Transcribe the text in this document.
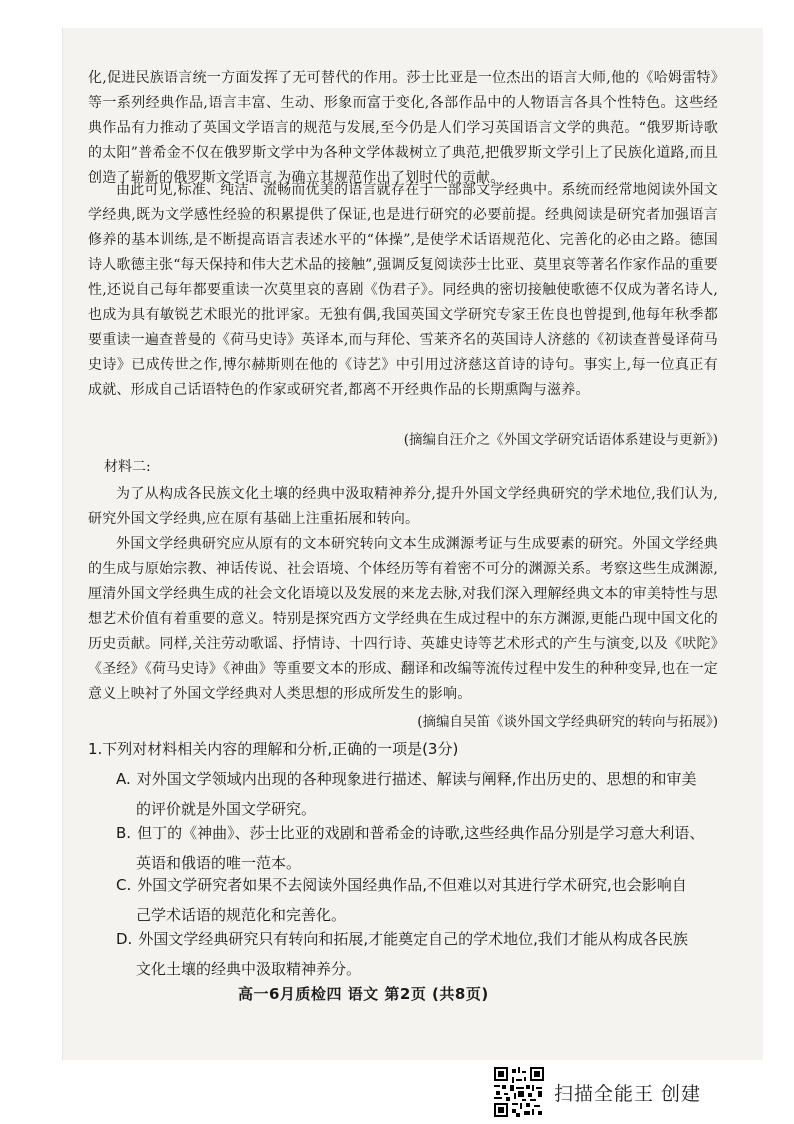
化,促进民族语言统一方面发挥了无可替代的作用。莎士比亚是一位杰出的语言大师,他的《哈姆雷特》等一系列经典作品,语言丰富、生动、形象而富于变化,各部作品中的人物语言各具个性特色。这些经典作品有力推动了英国文学语言的规范与发展,至今仍是人们学习英国语言文学的典范。“俄罗斯诗歌的太阳”普希金不仅在俄罗斯文学中为各种文学体裁树立了典范,把俄罗斯文学引上了民族化道路,而且创造了崭新的俄罗斯文学语言,为确立其规范作出了划时代的贡献。
由此可见,标准、纯洁、流畅而优美的语言就存在于一部部文学经典中。系统而经常地阅读外国文学经典,既为文学感性经验的积累提供了保证,也是进行研究的必要前提。经典阅读是研究者加强语言修养的基本训练,是不断提高语言表述水平的“体操”,是使学术话语规范化、完善化的必由之路。德国诗人歌德主张“每天保持和伟大艺术品的接触”,强调反复阅读莎士比亚、莫里哀等著名作家作品的重要性,还说自己每年都要重读一次莫里哀的喜剧《伪君子》。同经典的密切接触使歌德不仅成为著名诗人,也成为具有敏锐艺术眼光的批评家。无独有偶,我国英国文学研究专家王佐良也曾提到,他每年秋季都要重读一遍查普曼的《荷马史诗》英译本,而与拜伦、雪莱齐名的英国诗人济慈的《初读查普曼译荷马史诗》已成传世之作,博尔赫斯则在他的《诗艺》中引用过济慈这首诗的诗句。事实上,每一位真正有成就、形成自己话语特色的作家或研究者,都离不开经典作品的长期熏陶与滋养。
(摘编自汪介之《外国文学研究话语体系建设与更新》)
材料二:
为了从构成各民族文化土壤的经典中汲取精神养分,提升外国文学经典研究的学术地位,我们认为,研究外国文学经典,应在原有基础上注重拓展和转向。
外国文学经典研究应从原有的文本研究转向文本生成渊源考证与生成要素的研究。外国文学经典的生成与原始宗教、神话传说、社会语境、个体经历等有着密不可分的渊源关系。考察这些生成渊源,厘清外国文学经典生成的社会文化语境以及发展的来龙去脉,对我们深入理解经典文本的审美特性与思想艺术价值有着重要的意义。特别是探究西方文学经典在生成过程中的东方渊源,更能凸现中国文化的历史贡献。同样,关注劳动歌谣、抒情诗、十四行诗、英雄史诗等艺术形式的产生与演变,以及《吠陀》《圣经》《荷马史诗》《神曲》等重要文本的形成、翻译和改编等流传过程中发生的种种变异,也在一定意义上映衬了外国文学经典对人类思想的形成所发生的影响。
(摘编自吴笛《谈外国文学经典研究的转向与拓展》)
1.下列对材料相关内容的理解和分析,正确的一项是(3分)
A. 对外国文学领域内出现的各种现象进行描述、解读与阐释,作出历史的、思想的和审美
的评价就是外国文学研究。
B. 但丁的《神曲》、莎士比亚的戏剧和普希金的诗歌,这些经典作品分别是学习意大利语、
英语和俄语的唯一范本。
C. 外国文学研究者如果不去阅读外国经典作品,不但难以对其进行学术研究,也会影响自
己学术话语的规范化和完善化。
D. 外国文学经典研究只有转向和拓展,才能奠定自己的学术地位,我们才能从构成各民族
文化土壤的经典中汲取精神养分。
高一6月质检四 语文 第2页 (共8页)
扫描全能王 创建
